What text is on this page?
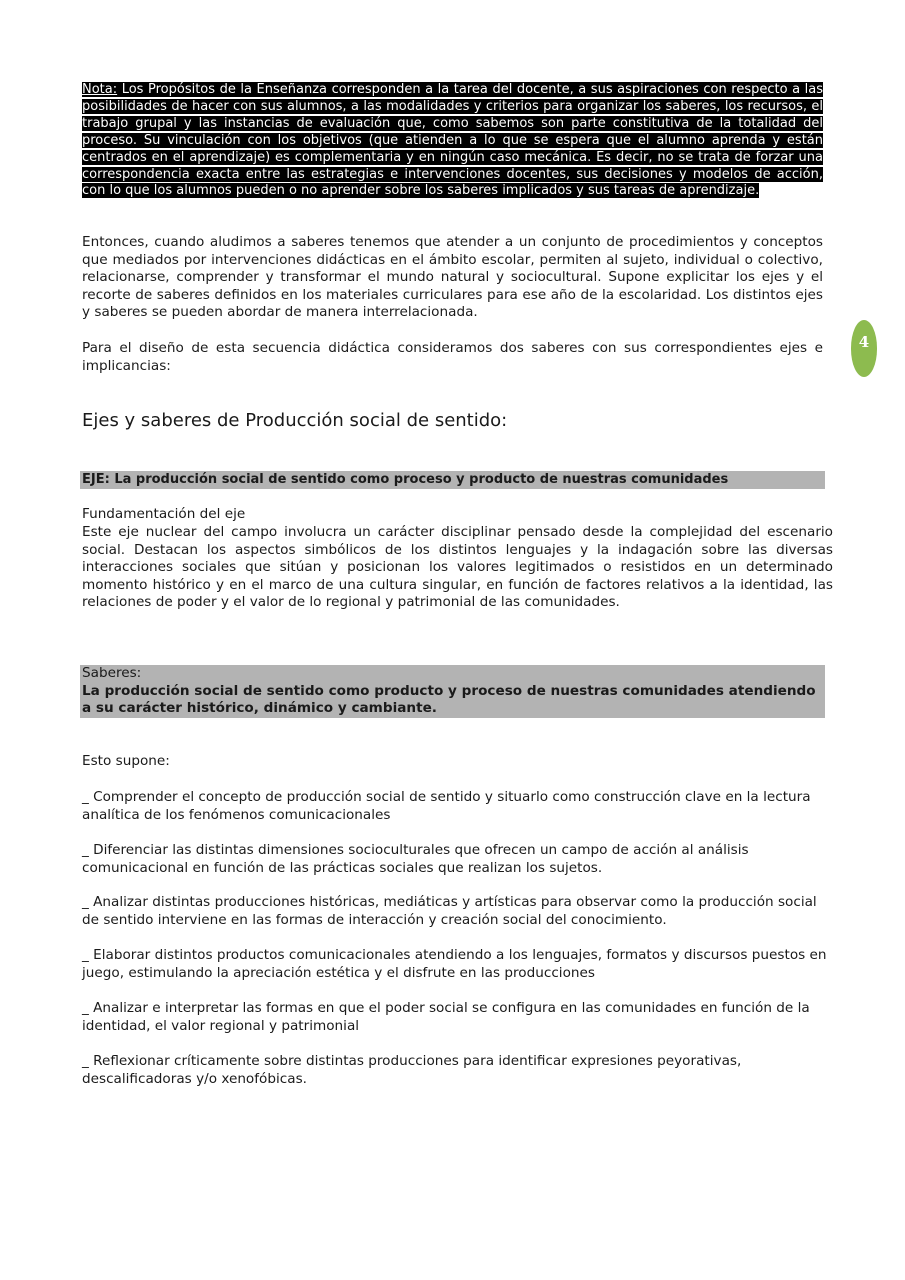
Nota: Los Propósitos de la Enseñanza corresponden a la tarea del docente, a sus aspiraciones con respecto a las posibilidades de hacer con sus alumnos, a las modalidades y criterios para organizar los saberes, los recursos, el trabajo grupal y las instancias de evaluación que, como sabemos son parte constitutiva de la totalidad del proceso. Su vinculación con los objetivos (que atienden a lo que se espera que el alumno aprenda y están centrados en el aprendizaje) es complementaria y en ningún caso mecánica. Es decir, no se trata de forzar una correspondencia exacta entre las estrategias e intervenciones docentes, sus decisiones y modelos de acción, con lo que los alumnos pueden o no aprender sobre los saberes implicados y sus tareas de aprendizaje.
Entonces, cuando aludimos a saberes tenemos que atender a un conjunto de procedimientos y conceptos que mediados por intervenciones didácticas en el ámbito escolar, permiten al sujeto, individual o colectivo, relacionarse, comprender y transformar el mundo natural y sociocultural. Supone explicitar los ejes y el recorte de saberes definidos en los materiales curriculares para ese año de la escolaridad. Los distintos ejes y saberes se pueden abordar de manera interrelacionada.
Para el diseño de esta secuencia didáctica consideramos dos saberes con sus correspondientes ejes e implicancias:
4
Ejes y saberes de Producción social de sentido:
EJE: La producción social de sentido como proceso y producto de nuestras comunidades
Fundamentación del eje
Este eje nuclear del campo involucra un carácter disciplinar pensado desde la complejidad del escenario social. Destacan los aspectos simbólicos de los distintos lenguajes y la indagación sobre las diversas interacciones sociales que sitúan y posicionan los valores legitimados o resistidos en un determinado momento histórico y en el marco de una cultura singular, en función de factores relativos a la identidad, las relaciones de poder y el valor de lo regional y patrimonial de las comunidades.
Saberes:
La producción social de sentido como producto y proceso de nuestras comunidades atendiendo a su carácter histórico, dinámico y cambiante.
Esto supone:
_ Comprender el concepto de producción social de sentido y situarlo como construcción clave en la lectura analítica de los fenómenos comunicacionales
_ Diferenciar las distintas dimensiones socioculturales que ofrecen un campo de acción al análisis comunicacional en función de las prácticas sociales que realizan los sujetos.
_ Analizar distintas producciones históricas, mediáticas y artísticas para observar como la producción social de sentido interviene en las formas de interacción y creación social del conocimiento.
_ Elaborar distintos productos comunicacionales atendiendo a los lenguajes, formatos y discursos puestos en juego, estimulando la apreciación estética y el disfrute en las producciones
_ Analizar e interpretar las formas en que el poder social se configura en las comunidades en función de la identidad, el valor regional y patrimonial
_ Reflexionar críticamente sobre distintas producciones para identificar expresiones peyorativas, descalificadoras y/o xenofóbicas.
